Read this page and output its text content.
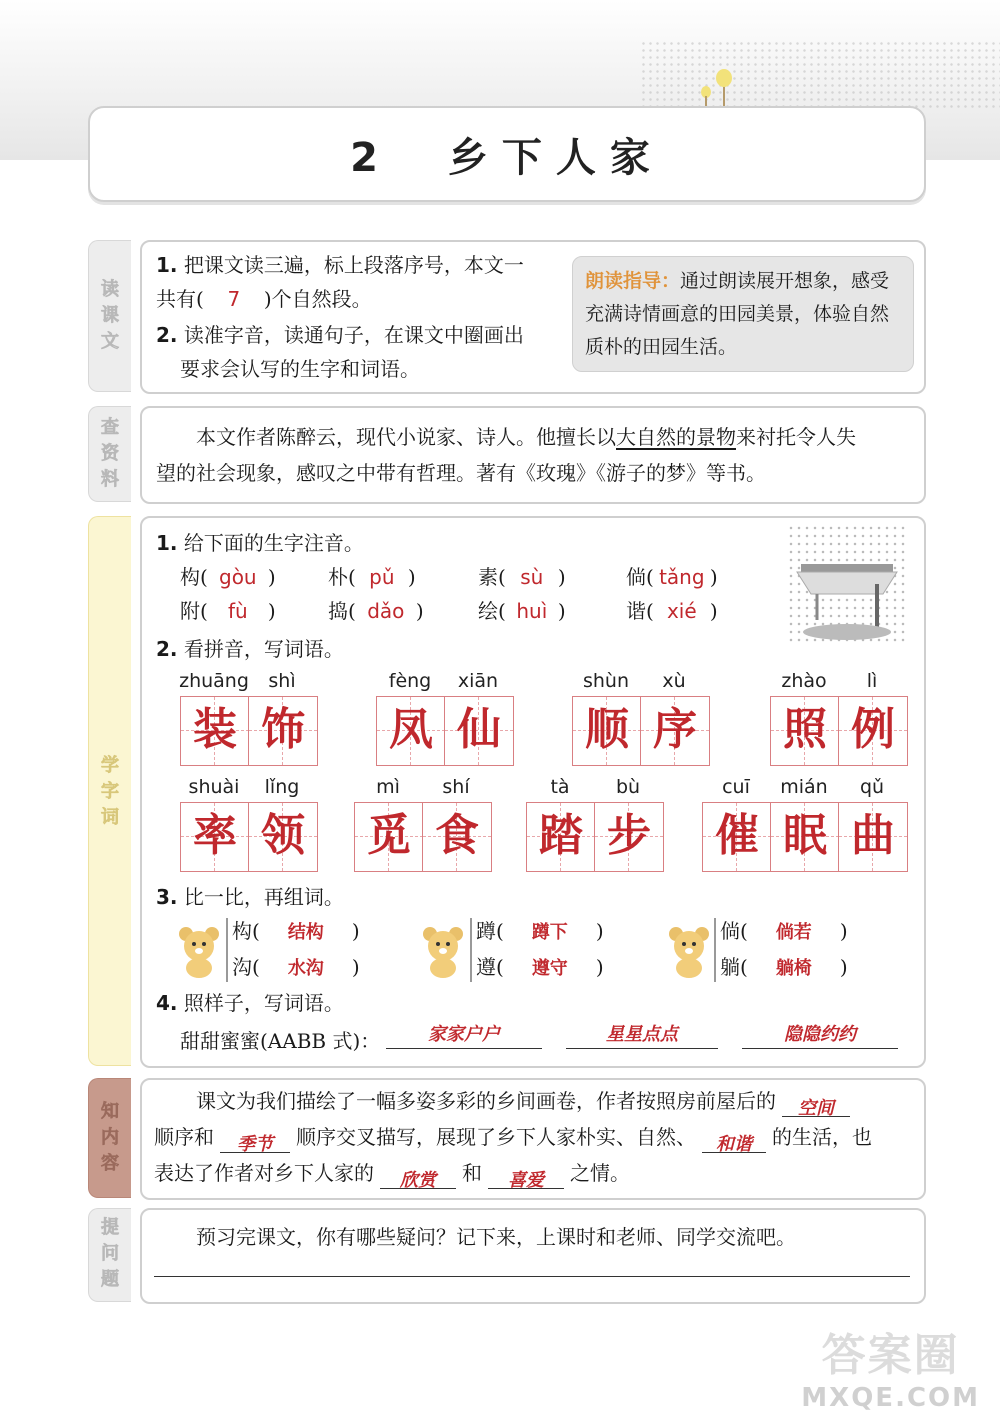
2 乡下人家
读
课
文
1. 把课文读三遍，标上段落序号，本文一
共有( 7 )个自然段。
2. 读准字音，读通句子，在课文中圈画出
要求会认写的生字和词语。
朗读指导：通过朗读展开想象，感受
充满诗情画意的田园美景，体验自然
质朴的田园生活。
查
资
料
本文作者陈醉云，现代小说家、诗人。他擅长以大自然的景物来衬托令人失
望的社会现象，感叹之中带有哲理。著有《玫瑰》《游子的梦》等书。
学
字
词
1. 给下面的生字注音。
构( gòu )	朴( pǔ )	素( sù )	倘( tǎng )
附( fù )	捣( dǎo )	绘( huì )	谐( xié )
2. 看拼音，写词语。
zhuāng	shì
装 饰
fèng	xiān
凤 仙
shùn	xù
顺 序
zhào	lì
照 例
shuài	lǐng
率 领
mì	shí
觅 食
tà	bù
踏 步
cuī	mián	qǔ
催 眠 曲
3. 比一比，再组词。
构( 结构 )
沟( 水沟 )
蹲( 蹲下 )
遵( 遵守 )
倘( 倘若 )
躺( 躺椅 )
4. 照样子，写词语。
甜甜蜜蜜(AABB 式)：	家家户户	星星点点	隐隐约约
知
内
容
课文为我们描绘了一幅多姿多彩的乡间画卷，作者按照房前屋后的 空间
顺序和 季节 顺序交叉描写，展现了乡下人家朴实、自然、 和谐 的生活，也
表达了作者对乡下人家的 欣赏 和 喜爱 之情。
提
问
题
预习完课文，你有哪些疑问？记下来，上课时和老师、同学交流吧。
答案圈
MXQE.COM
